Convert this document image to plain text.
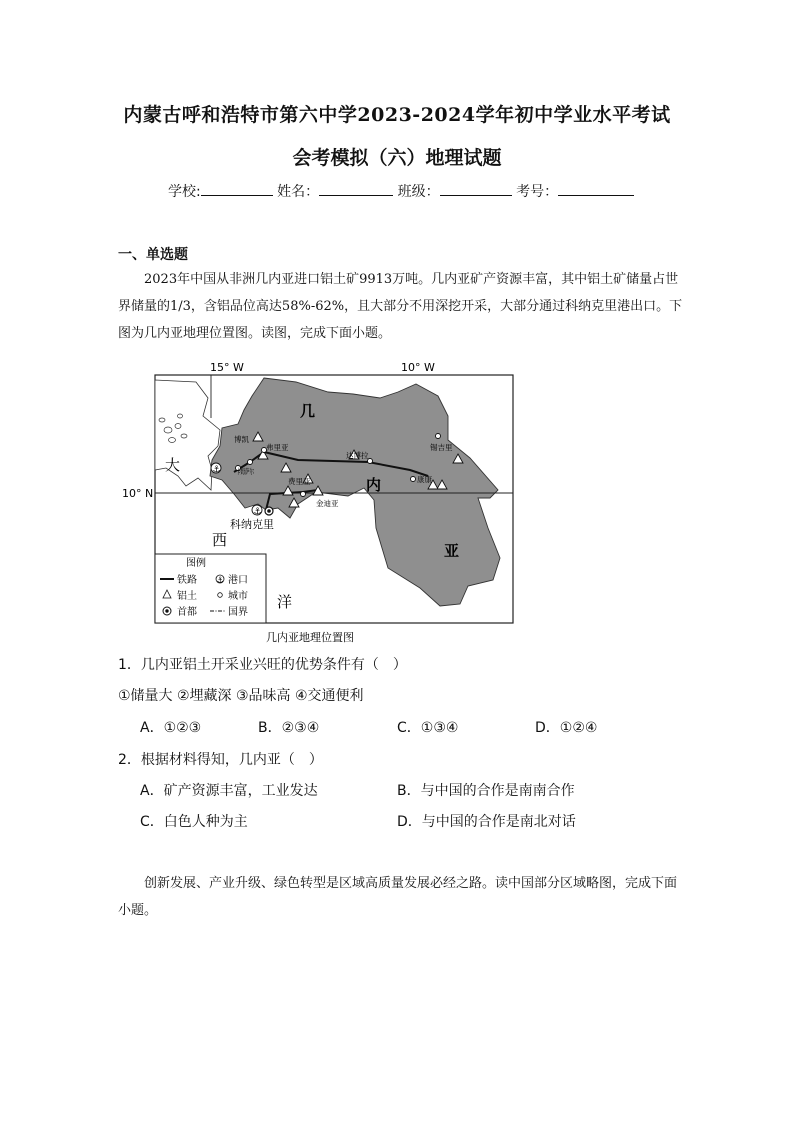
内蒙古呼和浩特市第六中学2023-2024学年初中学业水平考试
会考模拟（六）地理试题
学校:	姓名：	班级：	考号：
一、单选题
2023年中国从非洲几内亚进口铝土矿9913万吨。几内亚矿产资源丰富，其中铝土矿储量占世界储量的1/3，含铝品位高达58%-62%，且大部分不用深挖开采，大部分通过科纳克里港出口。下图为几内亚地理位置图。读图，完成下面小题。
15° W	10° W
10° N
⚓
⚓
博凯
弗里亚
费里亚
卡姆萨尔
达博拉
锡吉里
康康
金迪亚
科纳克里
几
内
亚
大
西
洋
图例
铁路 ⚓ 港口
铝土	城市
首都	国界
几内亚地理位置图
1．几内亚铝土开采业兴旺的优势条件有（　）
①储量大 ②埋藏深 ③品味高 ④交通便利
A．①②③	B．②③④	C．①③④	D．①②④
2．根据材料得知，几内亚（　）
A．矿产资源丰富，工业发达	B．与中国的合作是南南合作
C．白色人种为主	D．与中国的合作是南北对话
创新发展、产业升级、绿色转型是区域高质量发展必经之路。读中国部分区域略图，完成下面小题。
